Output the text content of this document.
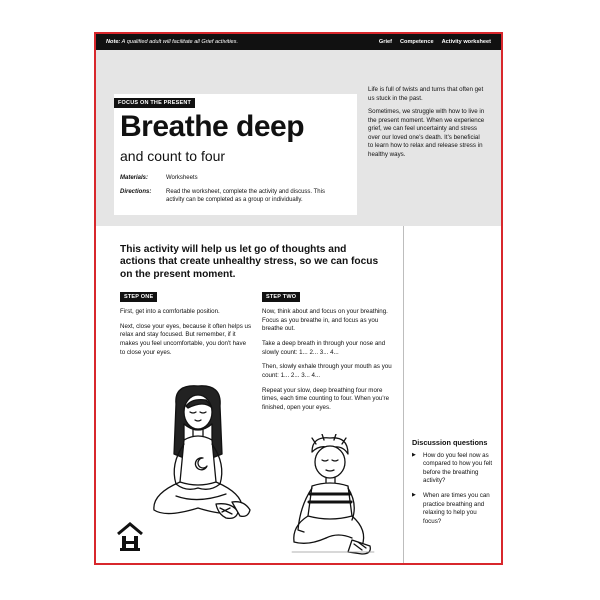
Note: A qualified adult will facilitate all Grief activities.	Grief Competence Activity worksheet
FOCUS ON THE PRESENT
Breathe deep
and count to four
Materials:	Worksheets
Directions: Read the worksheet, complete the activity and discuss. This activity can be completed as a group or individually.

Life is full of twists and turns that often get us stuck in the past.

Sometimes, we struggle with how to live in the present moment. When we experience grief, we can feel uncertainty and stress over our loved one's death. It's beneficial to learn how to relax and release stress in healthy ways.

This activity will help us let go of thoughts and actions that create unhealthy stress, so we can focus on the present moment.
STEP ONE	STEP TWO

First, get into a comfortable position.

Next, close your eyes, because it often helps us relax and stay focused. But remember, if it makes you feel uncomfortable, you don't have to close your eyes.

Now, think about and focus on your breathing. Focus as you breathe in, and focus as you breathe out.

Take a deep breath in through your nose and slowly count: 1... 2... 3... 4...

Then, slowly exhale through your mouth as you count: 1... 2... 3... 4...

Repeat your slow, deep breathing four more times, each time counting to four. When you're finished, open your eyes.

Discussion questions
▶ How do you feel now as compared to how you felt before the breathing activity?
▶ When are times you can practice breathing and relaxing to help you focus?
